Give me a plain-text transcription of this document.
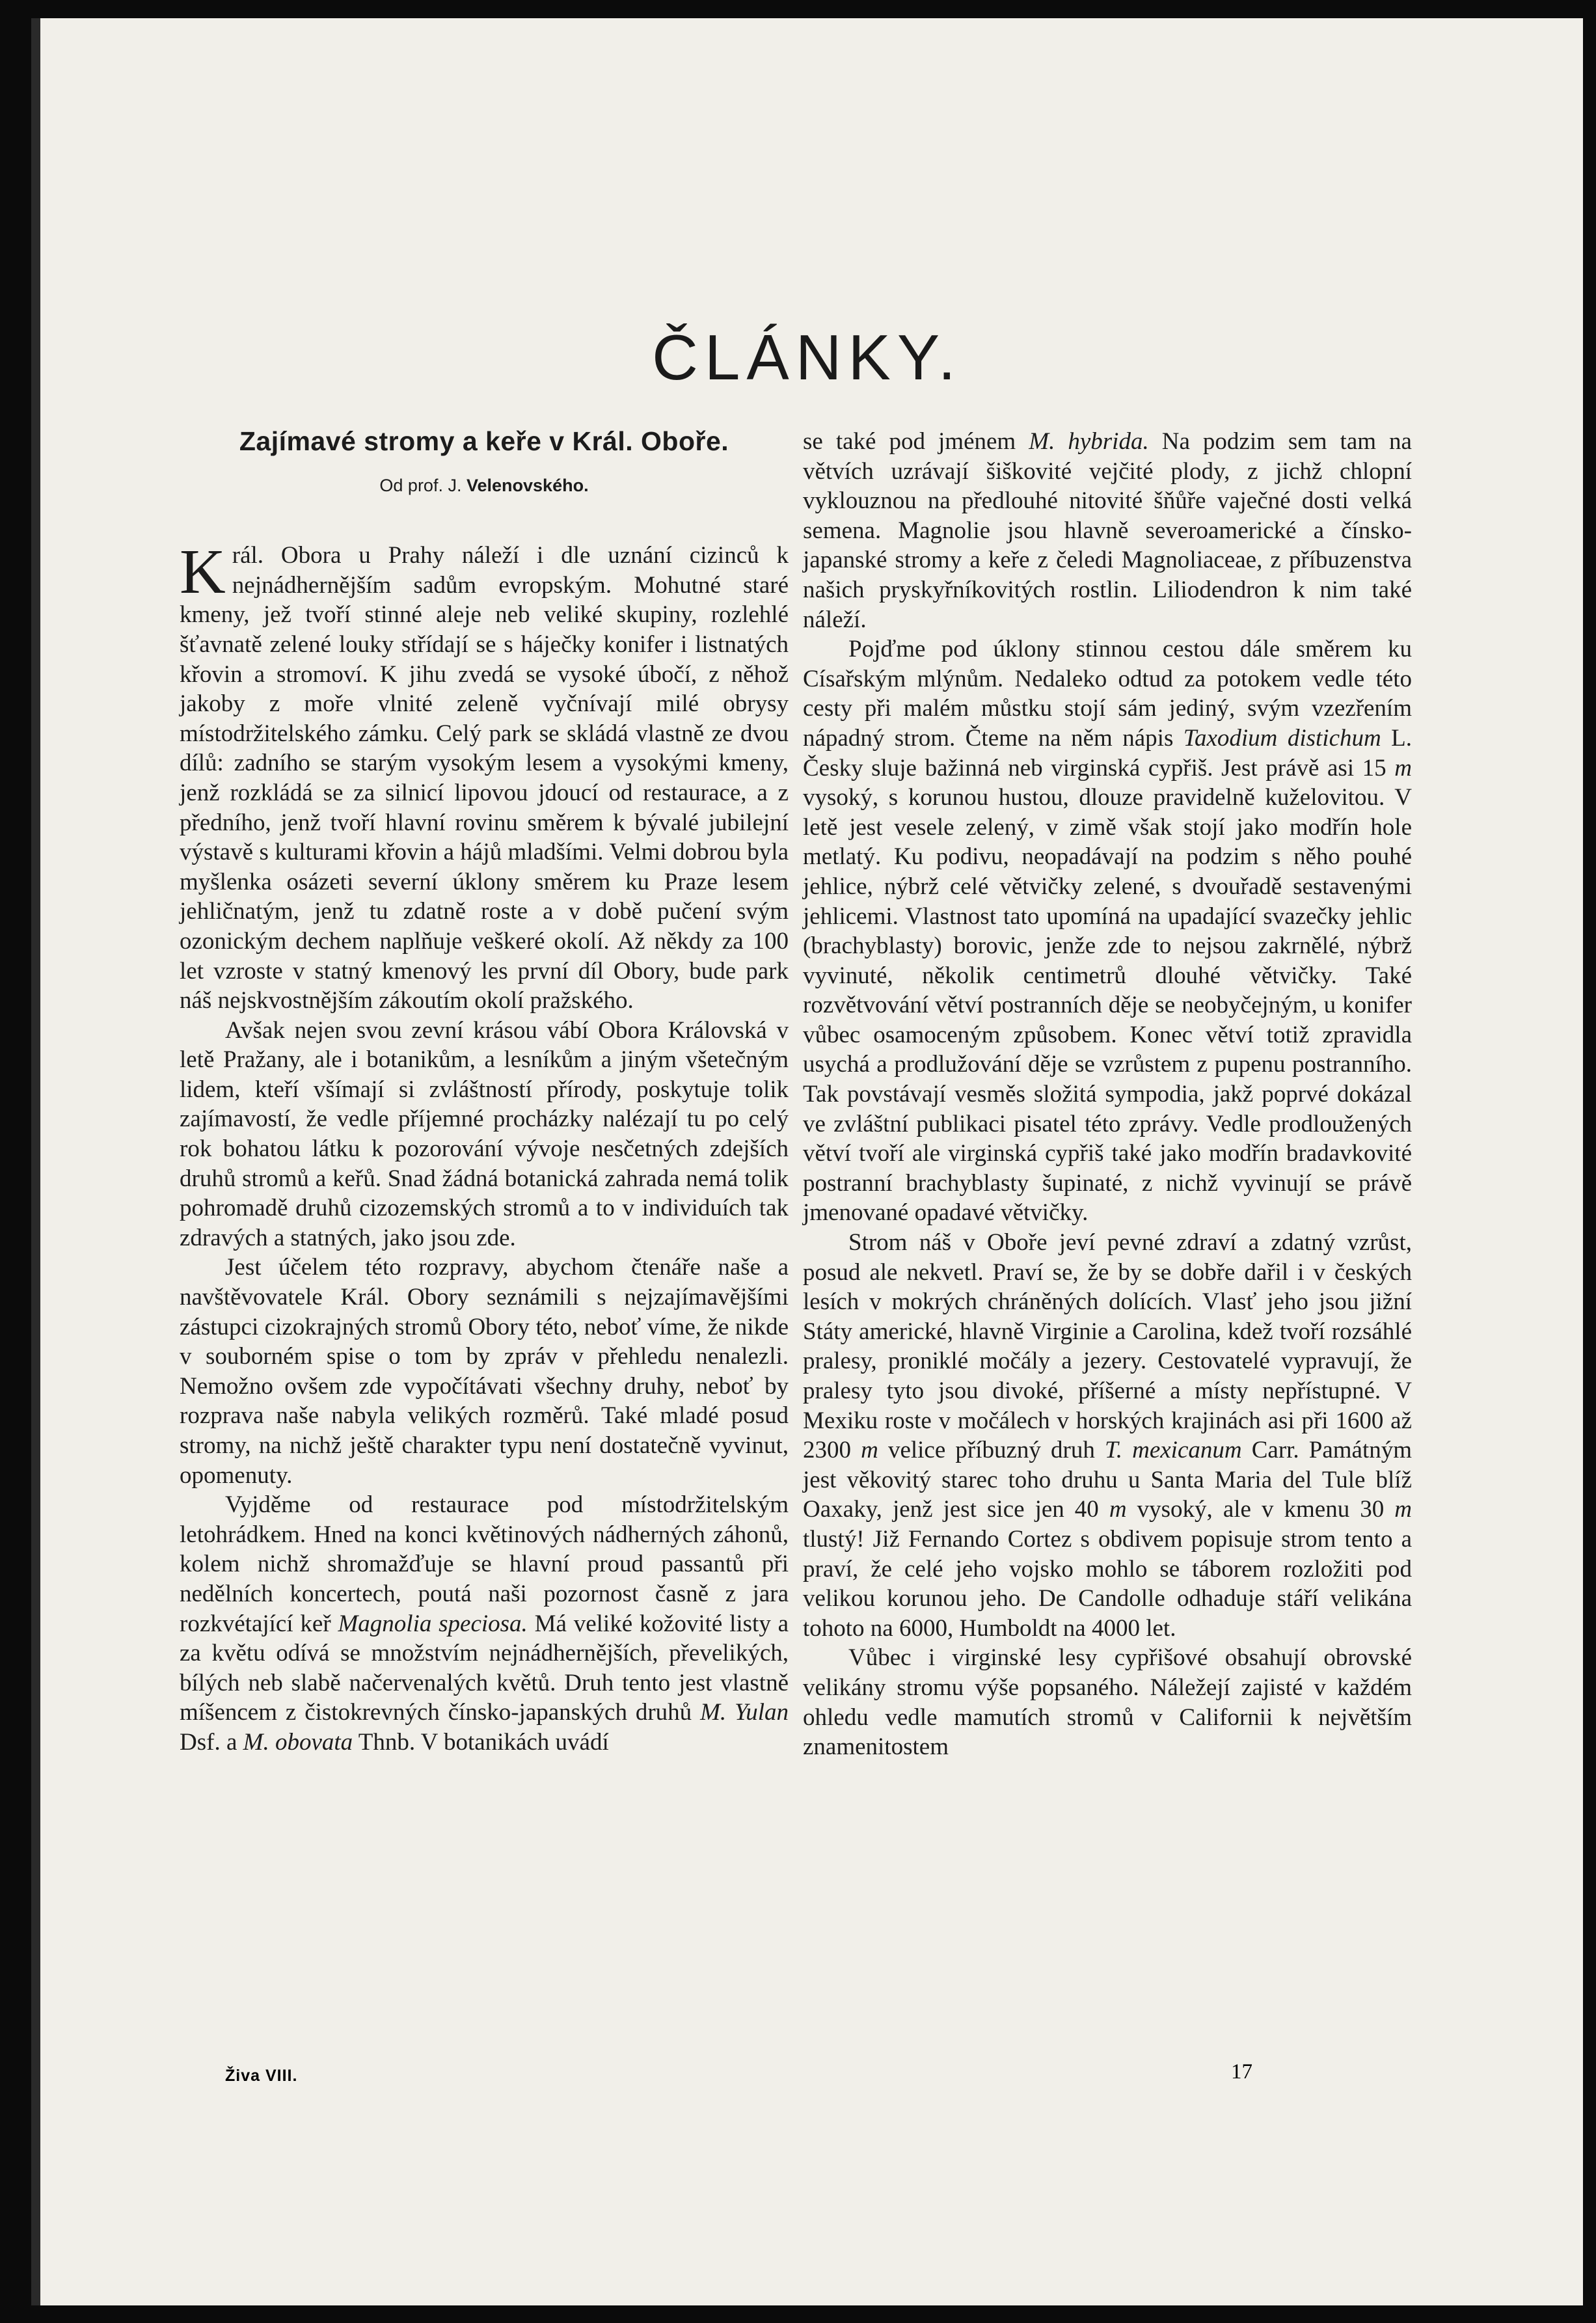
ČLÁNKY.
Zajímavé stromy a keře v Král. Oboře.
Od prof. J. Velenovského.

Král. Obora u Prahy náleží i dle uznání cizinců k nejnádhernějším sadům evropským. Mohutné staré kmeny, jež tvoří stinné aleje neb veliké skupiny, rozlehlé šťavnatě zelené louky střídají se s háječky konifer i listnatých křovin a stromoví. K jihu zvedá se vysoké úbočí, z něhož jakoby z moře vlnité zeleně vyčnívají milé obrysy místodržitelského zámku. Celý park se skládá vlastně ze dvou dílů: zadního se starým vysokým lesem a vysokými kmeny, jenž rozkládá se za silnicí lipovou jdoucí od restaurace, a z předního, jenž tvoří hlavní rovinu směrem k bývalé jubilejní výstavě s kulturami křovin a hájů mladšími. Velmi dobrou byla myšlenka osázeti severní úklony směrem ku Praze lesem jehličnatým, jenž tu zdatně roste a v době pučení svým ozonickým dechem naplňuje veškeré okolí. Až někdy za 100 let vzroste v statný kmenový les první díl Obory, bude park náš nejskvostnějším zákoutím okolí pražského.

Avšak nejen svou zevní krásou vábí Obora Královská v letě Pražany, ale i botanikům, a lesníkům a jiným všetečným lidem, kteří všímají si zvláštností přírody, poskytuje tolik zajímavostí, že vedle příjemné procházky nalézají tu po celý rok bohatou látku k pozorování vývoje nesčetných zdejších druhů stromů a keřů. Snad žádná botanická zahrada nemá tolik pohromadě druhů cizozemských stromů a to v individuích tak zdravých a statných, jako jsou zde.

Jest účelem této rozpravy, abychom čtenáře naše a navštěvovatele Král. Obory seznámili s nejzajímavějšími zástupci cizokrajných stromů Obory této, neboť víme, že nikde v souborném spise o tom by zpráv v přehledu nenalezli. Nemožno ovšem zde vypočítávati všechny druhy, neboť by rozprava naše nabyla velikých rozměrů. Také mladé posud stromy, na nichž ještě charakter typu není dostatečně vyvinut, opomenuty.

Vyjděme od restaurace pod místodržitelským letohrádkem. Hned na konci květinových nádherných záhonů, kolem nichž shromažďuje se hlavní proud passantů při nedělních koncertech, poutá naši pozornost časně z jara rozkvétající keř Magnolia speciosa. Má veliké kožovité listy a za květu odívá se množstvím nejnádhernějších, převelikých, bílých neb slabě načervenalých květů. Druh tento jest vlastně míšencem z čistokrevných čínsko-japanských druhů M. Yulan Dsf. a M. obovata Thnb. V botanikách uvádí

se také pod jménem M. hybrida. Na podzim sem tam na větvích uzrávají šiškovité vejčité plody, z jichž chlopní vyklouznou na předlouhé nitovité šňůře vaječné dosti velká semena. Magnolie jsou hlavně severoamerické a čínsko-japanské stromy a keře z čeledi Magnoliaceae, z příbuzenstva našich pryskyřníkovitých rostlin. Liliodendron k nim také náleží.

Pojďme pod úklony stinnou cestou dále směrem ku Císařským mlýnům. Nedaleko odtud za potokem vedle této cesty při malém můstku stojí sám jediný, svým vzezřením nápadný strom. Čteme na něm nápis Taxodium distichum L. Česky sluje bažinná neb virginská cypřiš. Jest právě asi 15 m vysoký, s korunou hustou, dlouze pravidelně kuželovitou. V letě jest vesele zelený, v zimě však stojí jako modřín hole metlatý. Ku podivu, neopadávají na podzim s něho pouhé jehlice, nýbrž celé větvičky zelené, s dvouřadě sestavenými jehlicemi. Vlastnost tato upomíná na upadající svazečky jehlic (brachyblasty) borovic, jenže zde to nejsou zakrnělé, nýbrž vyvinuté, několik centimetrů dlouhé větvičky. Také rozvětvování větví postranních děje se neobyčejným, u konifer vůbec osamoceným způsobem. Konec větví totiž zpravidla usychá a prodlužování děje se vzrůstem z pupenu postranního. Tak povstávají vesměs složitá sympodia, jakž poprvé dokázal ve zvláštní publikaci pisatel této zprávy. Vedle prodloužených větví tvoří ale virginská cypřiš také jako modřín bradavkovité postranní brachyblasty šupinaté, z nichž vyvinují se právě jmenované opadavé větvičky.

Strom náš v Oboře jeví pevné zdraví a zdatný vzrůst, posud ale nekvetl. Praví se, že by se dobře dařil i v českých lesích v mokrých chráněných dolících. Vlasť jeho jsou jižní Státy americké, hlavně Virginie a Carolina, kdež tvoří rozsáhlé pralesy, proniklé močály a jezery. Cestovatelé vypravují, že pralesy tyto jsou divoké, příšerné a místy nepřístupné. V Mexiku roste v močálech v horských krajinách asi při 1600 až 2300 m velice příbuzný druh T. mexicanum Carr. Památným jest věkovitý starec toho druhu u Santa Maria del Tule blíž Oaxaky, jenž jest sice jen 40 m vysoký, ale v kmenu 30 m tlustý! Již Fernando Cortez s obdivem popisuje strom tento a praví, že celé jeho vojsko mohlo se táborem rozložiti pod velikou korunou jeho. De Candolle odhaduje stáří velikána tohoto na 6000, Humboldt na 4000 let.

Vůbec i virginské lesy cypřišové obsahují obrovské velikány stromu výše popsaného. Náležejí zajisté v každém ohledu vedle mamutích stromů v Californii k největším znamenitostem

Živa VIII.	17
